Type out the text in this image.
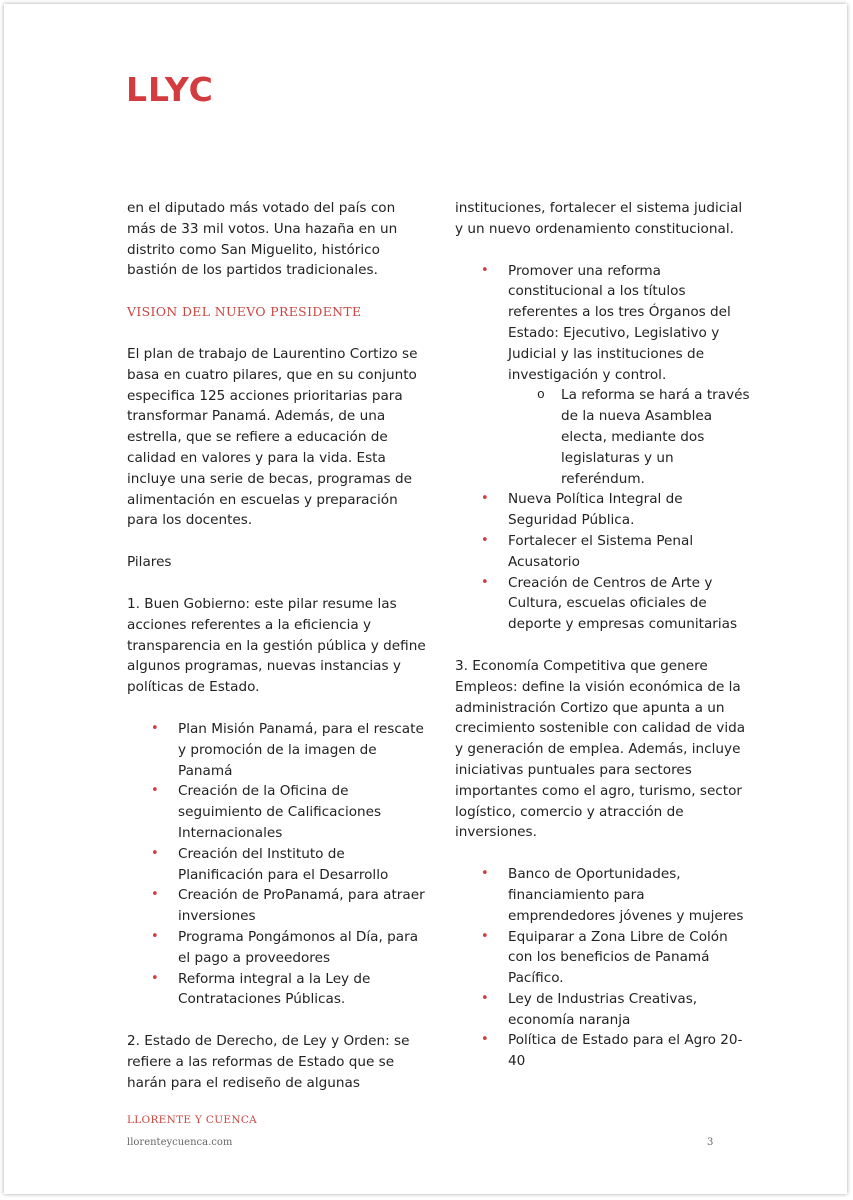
LLYC

en el diputado más votado del país con más de 33 mil votos. Una hazaña en un distrito como San Miguelito, histórico bastión de los partidos tradicionales.

VISION DEL NUEVO PRESIDENTE

El plan de trabajo de Laurentino Cortizo se basa en cuatro pilares, que en su conjunto especifica 125 acciones prioritarias para transformar Panamá. Además, de una estrella, que se refiere a educación de calidad en valores y para la vida. Esta incluye una serie de becas, programas de alimentación en escuelas y preparación para los docentes.

Pilares

1. Buen Gobierno: este pilar resume las acciones referentes a la eficiencia y transparencia en la gestión pública y define algunos programas, nuevas instancias y políticas de Estado.

• Plan Misión Panamá, para el rescate y promoción de la imagen de Panamá
• Creación de la Oficina de seguimiento de Calificaciones Internacionales
• Creación del Instituto de Planificación para el Desarrollo
• Creación de ProPanamá, para atraer inversiones
• Programa Pongámonos al Día, para el pago a proveedores
• Reforma integral a la Ley de Contrataciones Públicas.

2. Estado de Derecho, de Ley y Orden: se refiere a las reformas de Estado que se harán para el rediseño de algunas

instituciones, fortalecer el sistema judicial y un nuevo ordenamiento constitucional.

• Promover una reforma constitucional a los títulos referentes a los tres Órganos del Estado: Ejecutivo, Legislativo y Judicial y las instituciones de investigación y control.
o La reforma se hará a través de la nueva Asamblea electa, mediante dos legislaturas y un referéndum.
• Nueva Política Integral de Seguridad Pública.
• Fortalecer el Sistema Penal Acusatorio
• Creación de Centros de Arte y Cultura, escuelas oficiales de deporte y empresas comunitarias

3. Economía Competitiva que genere Empleos: define la visión económica de la administración Cortizo que apunta a un crecimiento sostenible con calidad de vida y generación de emplea. Además, incluye iniciativas puntuales para sectores importantes como el agro, turismo, sector logístico, comercio y atracción de inversiones.

• Banco de Oportunidades, financiamiento para emprendedores jóvenes y mujeres
• Equiparar a Zona Libre de Colón con los beneficios de Panamá Pacífico.
• Ley de Industrias Creativas, economía naranja
• Política de Estado para el Agro 20-40
LLORENTE Y CUENCA
llorenteycuenca.com	3
